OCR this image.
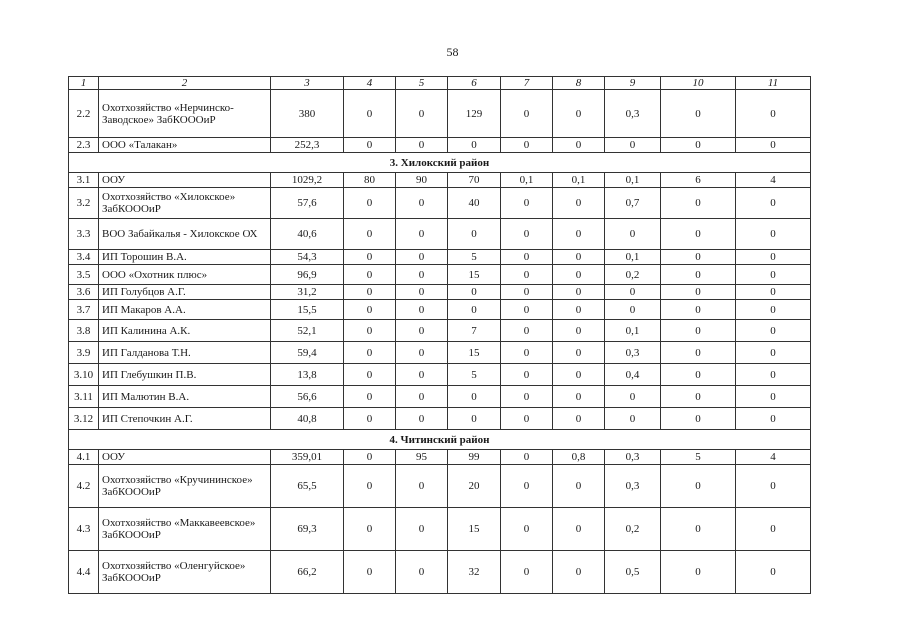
58
1	2	3	4	5	6	7	8	9	10	11
2.2	Охотхозяйство «Нерчинско-Заводское» ЗабКОООиР	380	0	0	129	0	0	0,3	0	0
2.3	ООО «Талакан»	252,3	0	0	0	0	0	0	0	0
3. Хилокский район										
3.1	ООУ	1029,2	80	90	70	0,1	0,1	0,1	6	4
3.2	Охотхозяйство «Хилокское» ЗабКОООиР	57,6	0	0	40	0	0	0,7	0	0
3.3	ВОО Забайкалья - Хилокское ОХ	40,6	0	0	0	0	0	0	0	0
3.4	ИП Торошин В.А.	54,3	0	0	5	0	0	0,1	0	0
3.5	ООО «Охотник плюс»	96,9	0	0	15	0	0	0,2	0	0
3.6	ИП Голубцов А.Г.	31,2	0	0	0	0	0	0	0	0
3.7	ИП Макаров А.А.	15,5	0	0	0	0	0	0	0	0
3.8	ИП Калинина А.К.	52,1	0	0	7	0	0	0,1	0	0
3.9	ИП Галданова Т.Н.	59,4	0	0	15	0	0	0,3	0	0
3.10	ИП Глебушкин П.В.	13,8	0	0	5	0	0	0,4	0	0
3.11	ИП Малютин В.А.	56,6	0	0	0	0	0	0	0	0
3.12	ИП Степочкин А.Г.	40,8	0	0	0	0	0	0	0	0
4. Читинский район										
4.1	ООУ	359,01	0	95	99	0	0,8	0,3	5	4
4.2	Охотхозяйство «Кручининское» ЗабКОООиР	65,5	0	0	20	0	0	0,3	0	0
4.3	Охотхозяйство «Маккавеевское» ЗабКОООиР	69,3	0	0	15	0	0	0,2	0	0
4.4	Охотхозяйство «Оленгуйское» ЗабКОООиР	66,2	0	0	32	0	0	0,5	0	0
